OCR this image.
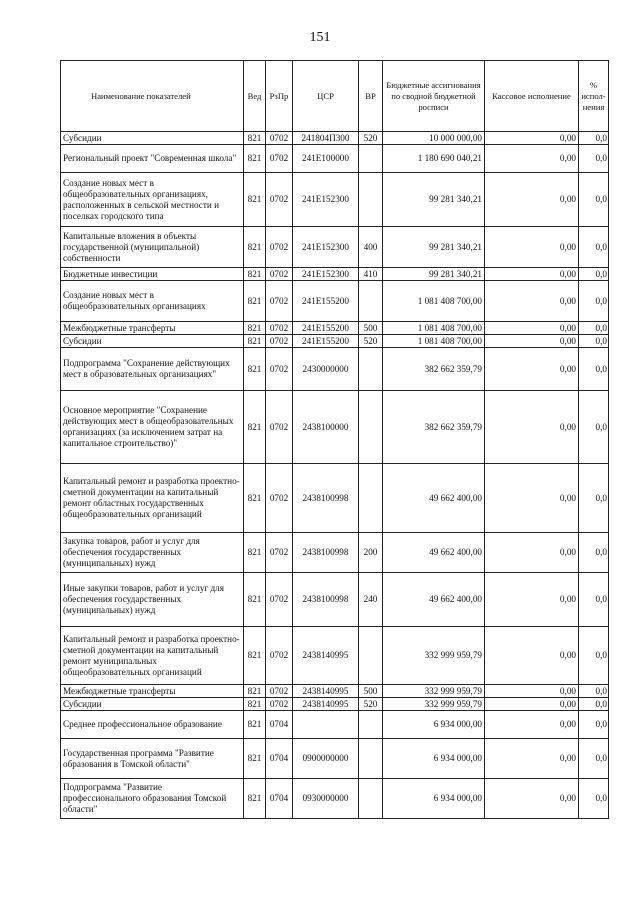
151
Наименование показателей	Вед	РзПр	ЦСР	ВР	Бюджетные ассигнования по сводной бюджетной росписи	Кассовое исполнение	% испол- нения
Субсидии	821	0702	241804П300	520	10 000 000,00	0,00	0,0
Региональный проект "Современная школа"	821	0702	241E100000		1 180 690 040,21	0,00	0,0
Создание новых мест в общеобразовательных организациях, расположенных в сельской местности и поселках городского типа	821	0702	241E152300		99 281 340,21	0,00	0,0
Капитальные вложения в объекты государственной (муниципальной) собственности	821	0702	241E152300	400	99 281 340,21	0,00	0,0
Бюджетные инвестиции	821	0702	241E152300	410	99 281 340,21	0,00	0,0
Создание новых мест в общеобразовательных организациях	821	0702	241E155200		1 081 408 700,00	0,00	0,0
Межбюджетные трансферты	821	0702	241E155200	500	1 081 408 700,00	0,00	0,0
Субсидии	821	0702	241E155200	520	1 081 408 700,00	0,00	0,0
Подпрограмма "Сохранение действующих мест в образовательных организациях"	821	0702	2430000000		382 662 359,79	0,00	0,0
Основное мероприятие "Сохранение действующих мест в общеобразовательных организациях (за исключением затрат на капитальное строительство)"	821	0702	2438100000		382 662 359,79	0,00	0,0
Капитальный ремонт и разработка проектно-сметной документации на капитальный ремонт областных государственных общеобразовательных организаций	821	0702	2438100998		49 662 400,00	0,00	0,0
Закупка товаров, работ и услуг для обеспечения государственных (муниципальных) нужд	821	0702	2438100998	200	49 662 400,00	0,00	0,0
Иные закупки товаров, работ и услуг для обеспечения государственных (муниципальных) нужд	821	0702	2438100998	240	49 662 400,00	0,00	0,0
Капитальный ремонт и разработка проектно-сметной документации на капитальный ремонт муниципальных общеобразовательных организаций	821	0702	2438140995		332 999 959,79	0,00	0,0
Межбюджетные трансферты	821	0702	2438140995	500	332 999 959,79	0,00	0,0
Субсидии	821	0702	2438140995	520	332 999 959,79	0,00	0,0
Среднее профессиональное образование	821	0704			6 934 000,00	0,00	0,0
Государственная программа "Развитие образования в Томской области"	821	0704	0900000000		6 934 000,00	0,00	0,0
Подпрограмма "Развитие профессионального образования Томской области"	821	0704	0930000000		6 934 000,00	0,00	0,0
